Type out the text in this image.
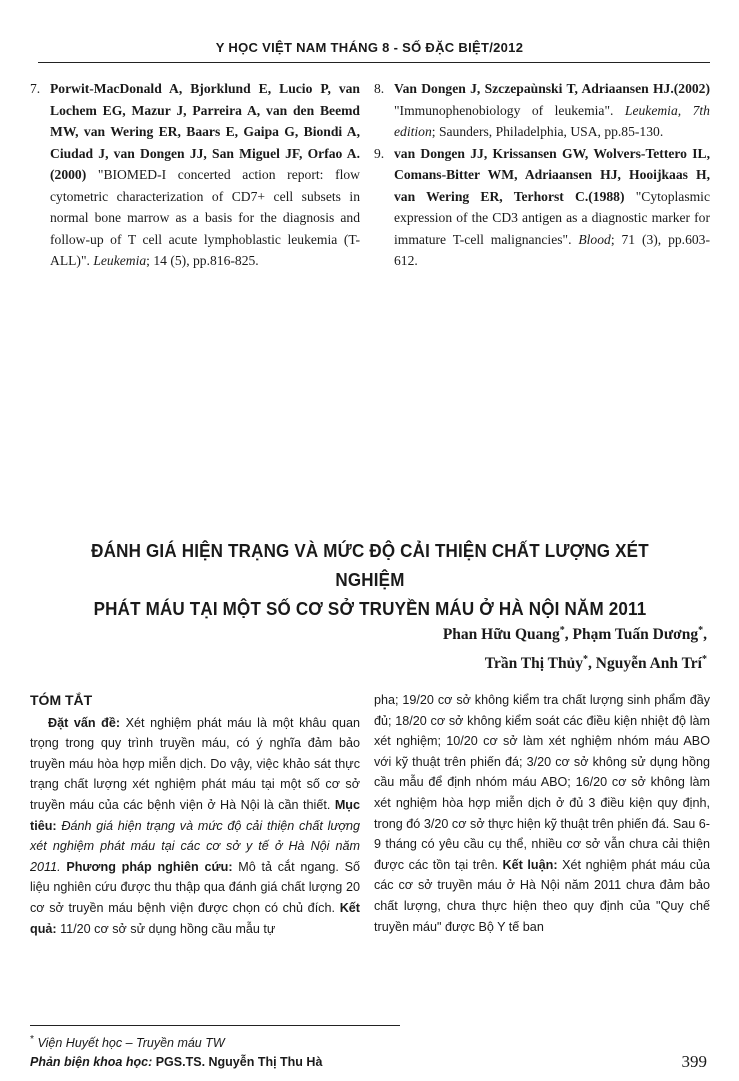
Y HỌC VIỆT NAM THÁNG 8 - SỐ ĐẶC BIỆT/2012
7. Porwit-MacDonald A, Bjorklund E, Lucio P, van Lochem EG, Mazur J, Parreira A, van den Beemd MW, van Wering ER, Baars E, Gaipa G, Biondi A, Ciudad J, van Dongen JJ, San Miguel JF, Orfao A.(2000) "BIOMED-I concerted action report: flow cytometric characterization of CD7+ cell subsets in normal bone marrow as a basis for the diagnosis and follow-up of T cell acute lymphoblastic leukemia (T-ALL)". Leukemia; 14 (5), pp.816-825.
8. Van Dongen J, Szczepaùnski T, Adriaansen HJ.(2002) "Immunophenobiology of leukemia". Leukemia, 7th edition; Saunders, Philadelphia, USA, pp.85-130.
9. van Dongen JJ, Krissansen GW, Wolvers-Tettero IL, Comans-Bitter WM, Adriaansen HJ, Hooijkaas H, van Wering ER, Terhorst C.(1988) "Cytoplasmic expression of the CD3 antigen as a diagnostic marker for immature T-cell malignancies". Blood; 71 (3), pp.603-612.
ĐÁNH GIÁ HIỆN TRẠNG VÀ MỨC ĐỘ CẢI THIỆN CHẤT LƯỢNG XÉT NGHIỆM
PHÁT MÁU TẠI MỘT SỐ CƠ SỞ TRUYỀN MÁU Ở HÀ NỘI NĂM 2011
Phan Hữu Quang*, Phạm Tuấn Dương*,
Trần Thị Thủy*, Nguyễn Anh Trí*
TÓM TẮT
Đặt vấn đề: Xét nghiệm phát máu là một khâu quan trọng trong quy trình truyền máu, có ý nghĩa đảm bảo truyền máu hòa hợp miễn dịch. Do vậy, việc khảo sát thực trạng chất lượng xét nghiệm phát máu tại một số cơ sở truyền máu của các bệnh viện ở Hà Nội là cần thiết. Mục tiêu: Đánh giá hiện trạng và mức độ cải thiện chất lượng xét nghiệm phát máu tại các cơ sở y tế ở Hà Nội năm 2011. Phương pháp nghiên cứu: Mô tả cắt ngang. Số liệu nghiên cứu được thu thập qua đánh giá chất lượng 20 cơ sở truyền máu bệnh viện được chọn có chủ đích. Kết quả: 11/20 cơ sở sử dụng hồng cầu mẫu tự
pha; 19/20 cơ sở không kiểm tra chất lượng sinh phẩm đầy đủ; 18/20 cơ sở không kiểm soát các điều kiện nhiệt độ làm xét nghiệm; 10/20 cơ sở làm xét nghiệm nhóm máu ABO với kỹ thuật trên phiến đá; 3/20 cơ sở không sử dụng hồng cầu mẫu để định nhóm máu ABO; 16/20 cơ sở không làm xét nghiệm hòa hợp miễn dịch ở đủ 3 điều kiện quy định, trong đó 3/20 cơ sở thực hiện kỹ thuật trên phiến đá. Sau 6-9 tháng có yêu cầu cụ thể, nhiều cơ sở vẫn chưa cải thiện được các tồn tại trên. Kết luận: Xét nghiệm phát máu của các cơ sở truyền máu ở Hà Nội năm 2011 chưa đảm bảo chất lượng, chưa thực hiện theo quy định của "Quy chế truyền máu" được Bộ Y tế ban
* Viện Huyết học – Truyền máu TW
Phản biện khoa học: PGS.TS. Nguyễn Thị Thu Hà	399
